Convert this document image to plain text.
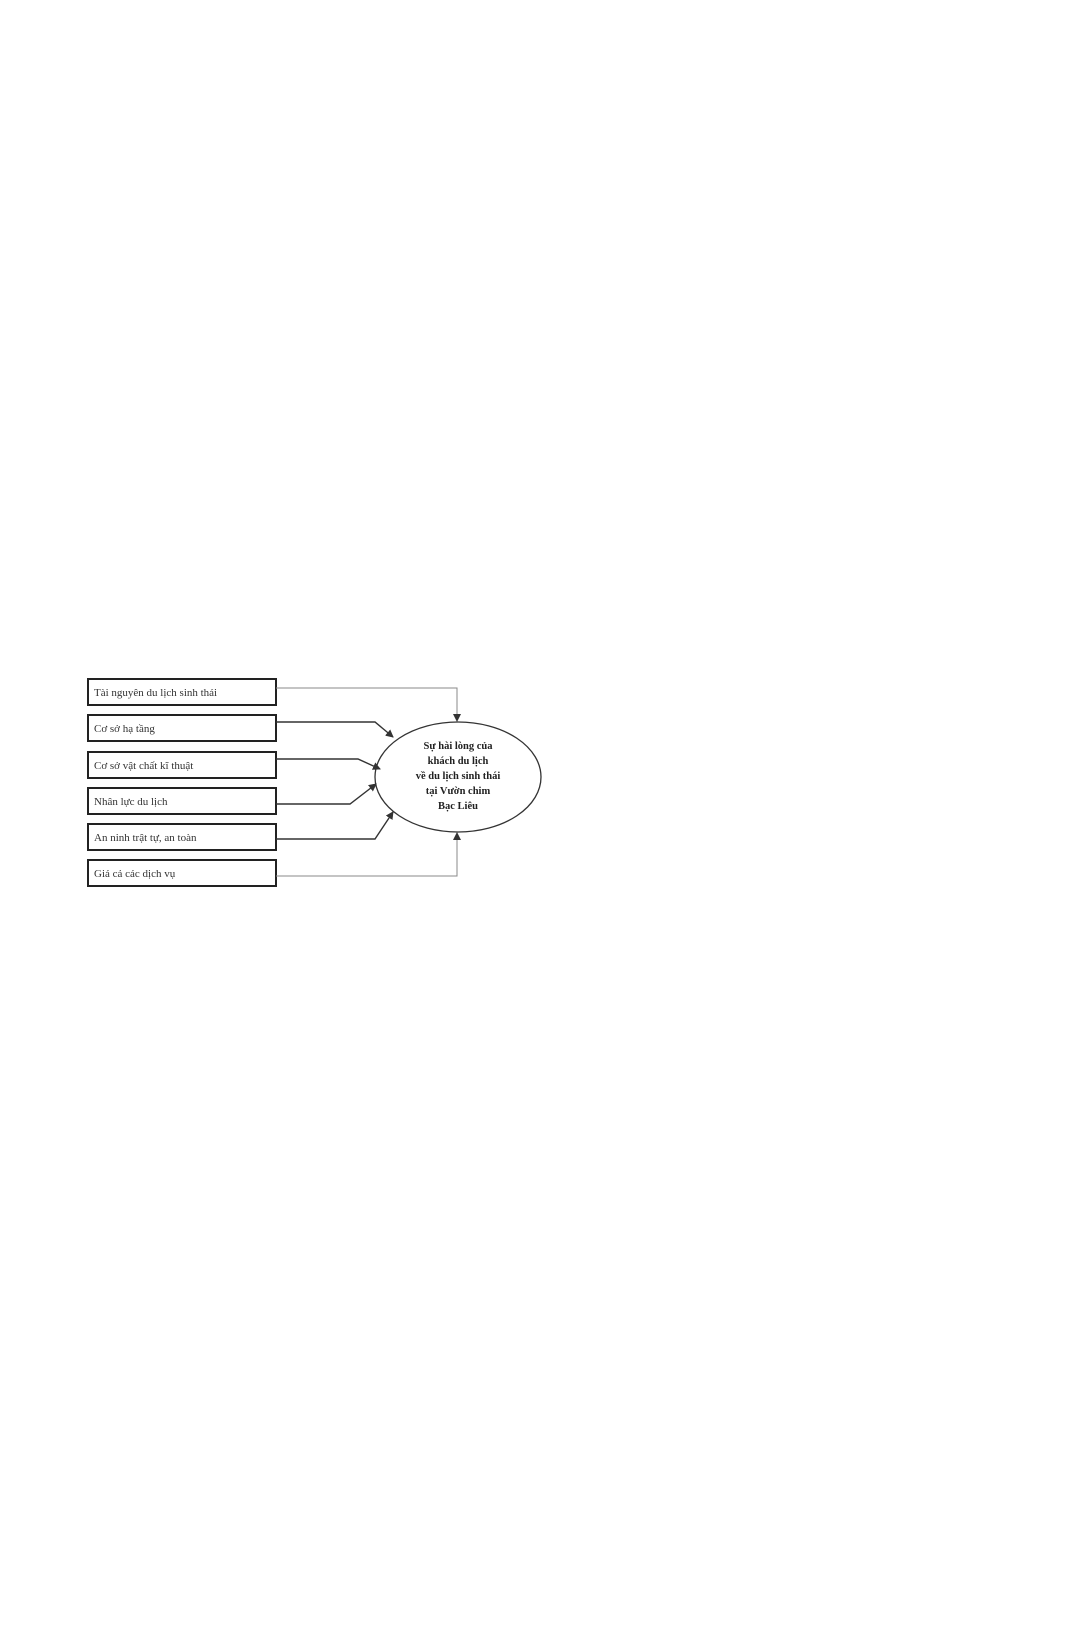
Tài nguyên du lịch sinh thái
Cơ sở hạ tầng
Cơ sở vật chất kĩ thuật
Nhân lực du lịch
An ninh trật tự, an toàn
Giá cả các dịch vụ
Sự hài lòng của
khách du lịch
về du lịch sinh thái
tại Vườn chim
Bạc Liêu
